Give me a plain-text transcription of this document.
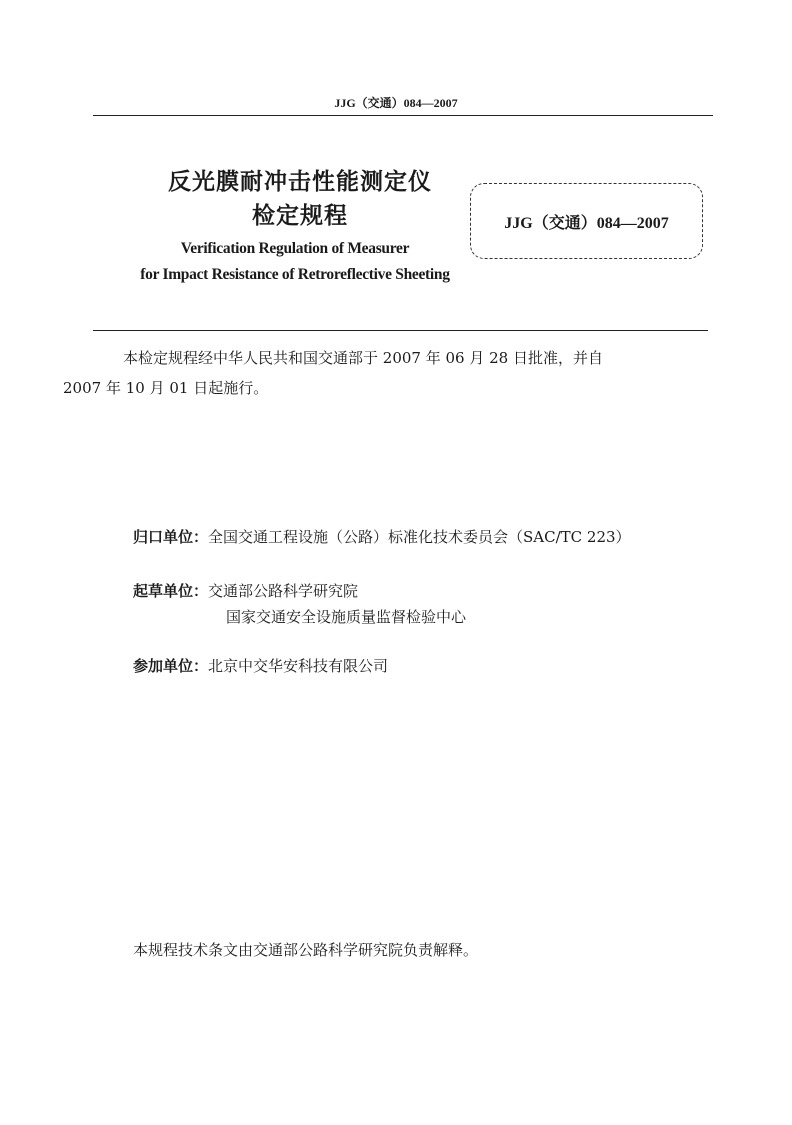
JJG（交通）084—2007
反光膜耐冲击性能测定仪
检定规程
Verification Regulation of Measurer
for Impact Resistance of Retroreflective Sheeting
JJG（交通）084—2007
本检定规程经中华人民共和国交通部于 2007 年 06 月 28 日批准，并自
2007 年 10 月 01 日起施行。
归口单位：全国交通工程设施（公路）标准化技术委员会（SAC/TC 223）
起草单位：交通部公路科学研究院
国家交通安全设施质量监督检验中心
参加单位：北京中交华安科技有限公司
本规程技术条文由交通部公路科学研究院负责解释。
